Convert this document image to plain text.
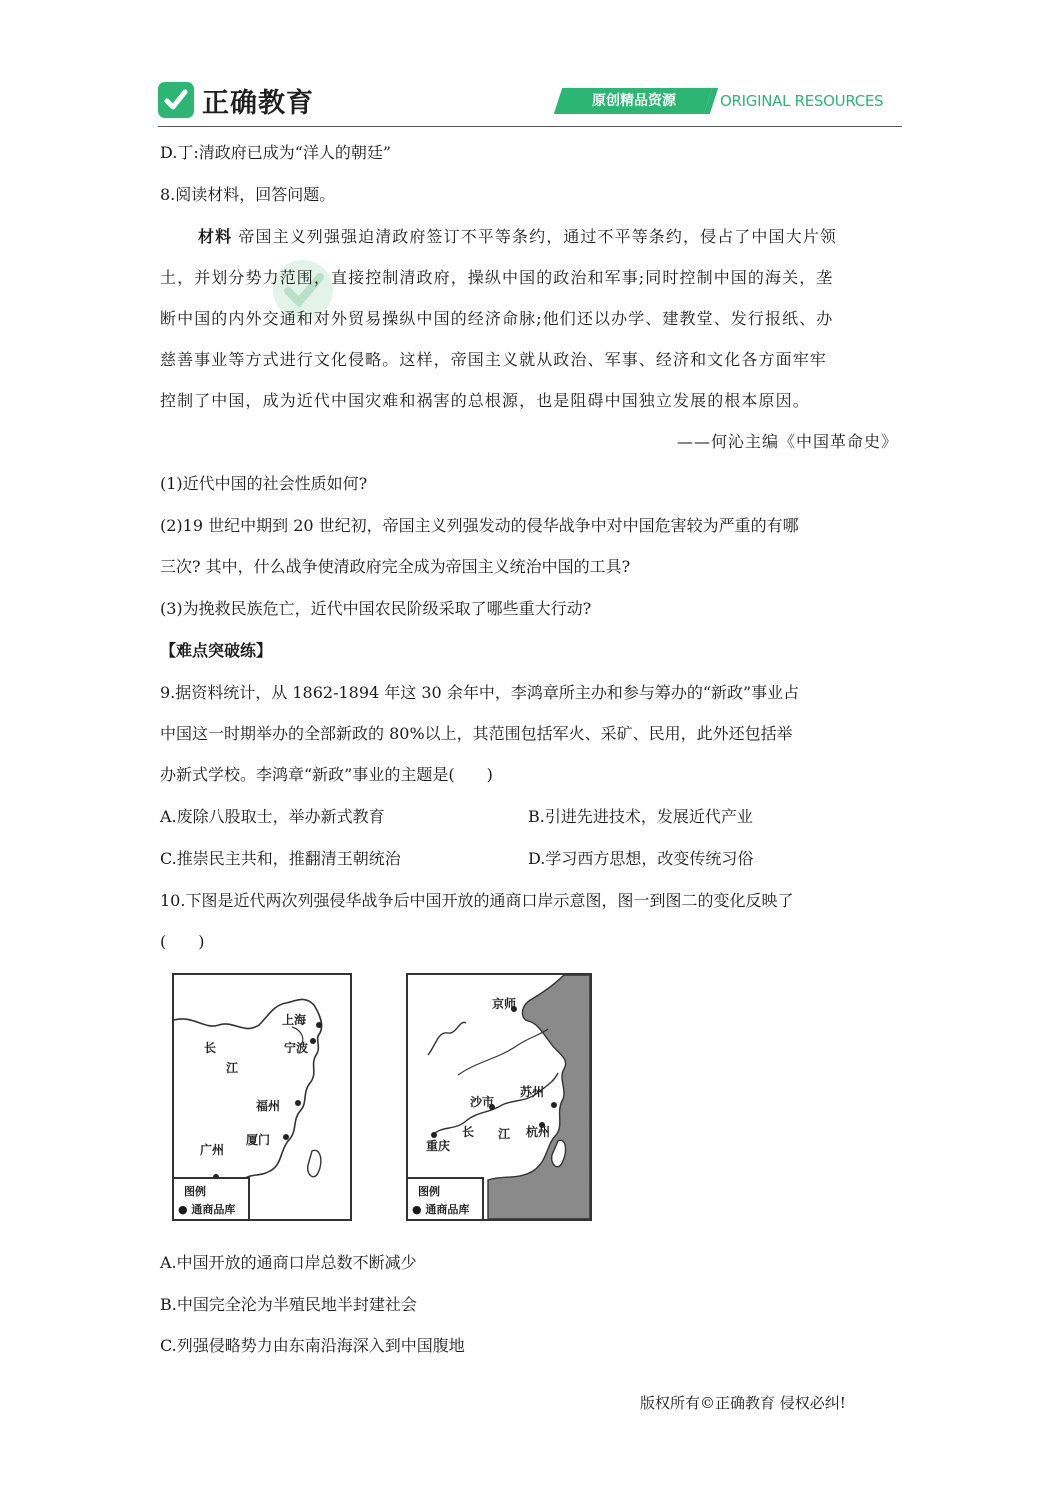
正确教育	原创精品资源	ORIGINAL RESOURCES
D.丁:清政府已成为“洋人的朝廷”
8.阅读材料，回答问题。
材料 帝国主义列强强迫清政府签订不平等条约，通过不平等条约，侵占了中国大片领
土，并划分势力范围，直接控制清政府，操纵中国的政治和军事;同时控制中国的海关，垄
断中国的内外交通和对外贸易操纵中国的经济命脉;他们还以办学、建教堂、发行报纸、办
慈善事业等方式进行文化侵略。这样，帝国主义就从政治、军事、经济和文化各方面牢牢
控制了中国，成为近代中国灾难和祸害的总根源，也是阻碍中国独立发展的根本原因。
——何沁主编《中国革命史》
(1)近代中国的社会性质如何?
(2)19 世纪中期到 20 世纪初，帝国主义列强发动的侵华战争中对中国危害较为严重的有哪
三次? 其中，什么战争使清政府完全成为帝国主义统治中国的工具?
(3)为挽救民族危亡，近代中国农民阶级采取了哪些重大行动?
【难点突破练】
9.据资料统计，从 1862-1894 年这 30 余年中，李鸿章所主办和参与筹办的“新政”事业占
中国这一时期举办的全部新政的 80%以上，其范围包括军火、采矿、民用，此外还包括举
办新式学校。李鸿章“新政”事业的主题是(　　)
A.废除八股取士，举办新式教育	B.引进先进技术，发展近代产业
C.推崇民主共和，推翻清王朝统治	D.学习西方思想，改变传统习俗
10.下图是近代两次列强侵华战争后中国开放的通商口岸示意图，图一到图二的变化反映了
(　　)
长
江
上海
宁波
福州
厦门
广州
图例
● 通商品库
京师
沙市
苏州
杭州
重庆
长 江
图例
● 通商品库
A.中国开放的通商口岸总数不断减少
B.中国完全沦为半殖民地半封建社会
C.列强侵略势力由东南沿海深入到中国腹地
版权所有©正确教育 侵权必纠!
